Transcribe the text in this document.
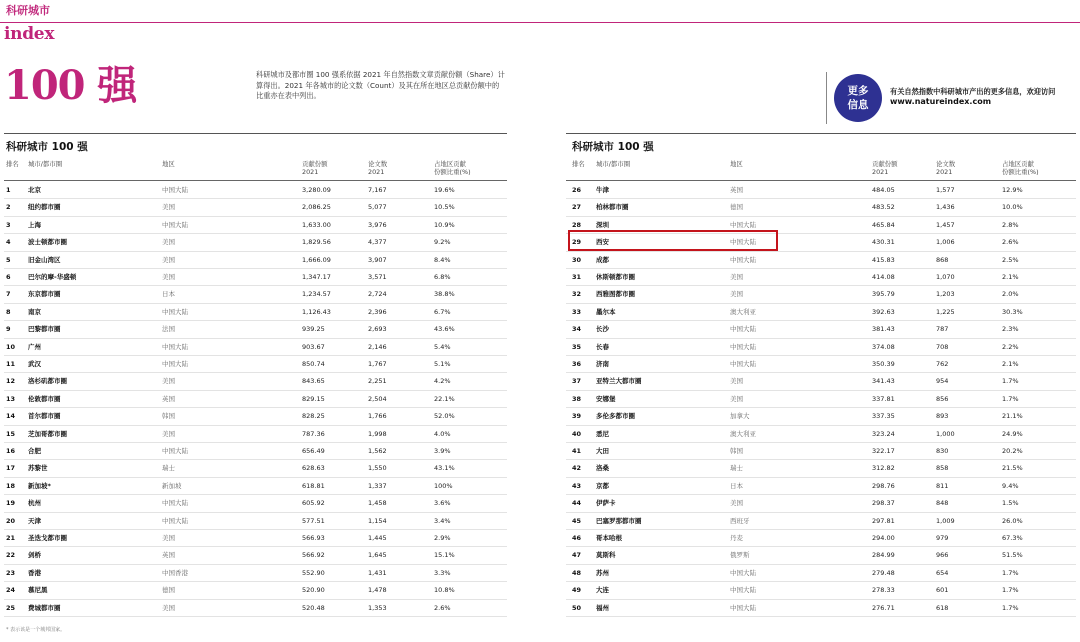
科研城市
index
100 强	科研城市及都市圈 100 强系依据 2021 年自然指数文章贡献份额（Share）计算得出。2021 年各城市的论文数（Count）及其在所在地区总贡献份额中的比重亦在表中列出。	更多
信息
有关自然指数中科研城市产出的更多信息，欢迎访问
www.natureindex.com
科研城市 100 强
排名 城市/都市圈	地区	贡献份额
2021
论文数
2021
占地区贡献
份额比重(%)
1	北京	中国大陆	3,280.09	7,167	19.6%
2	纽约都市圈	美国	2,086.25	5,077	10.5%
3	上海	中国大陆	1,633.00	3,976	10.9%
4	波士顿都市圈	美国	1,829.56	4,377	9.2%
5	旧金山湾区	美国	1,666.09	3,907	8.4%
6	巴尔的摩-华盛顿	美国	1,347.17	3,571	6.8%
7	东京都市圈	日本	1,234.57	2,724	38.8%
8	南京	中国大陆	1,126.43	2,396	6.7%
9	巴黎都市圈	法国	939.25	2,693	43.6%
10 广州	中国大陆	903.67	2,146	5.4%
11 武汉	中国大陆	850.74	1,767	5.1%
12 洛杉矶都市圈	美国	843.65	2,251	4.2%
13 伦敦都市圈	英国	829.15	2,504	22.1%
14 首尔都市圈	韩国	828.25	1,766	52.0%
15 芝加哥都市圈	美国	787.36	1,998	4.0%
16 合肥	中国大陆	656.49	1,562	3.9%
17 苏黎世	瑞士	628.63	1,550	43.1%
18 新加坡*	新加坡	618.81	1,337	100%
19 杭州	中国大陆	605.92	1,458	3.6%
20 天津	中国大陆	577.51	1,154	3.4%
21 圣迭戈都市圈	美国	566.93	1,445	2.9%
22 剑桥	英国	566.92	1,645	15.1%
23 香港	中国香港	552.90	1,431	3.3%
24 慕尼黑	德国	520.90	1,478	10.8%
25 费城都市圈	美国	520.48	1,353	2.6%
科研城市 100 强
排名 城市/都市圈	地区	贡献份额
2021
论文数
2021
占地区贡献
份额比重(%)
26 牛津	英国	484.05	1,577	12.9%
27 柏林都市圈	德国	483.52	1,436	10.0%
28 深圳	中国大陆	465.84	1,457	2.8%
29 西安	中国大陆	430.31	1,006	2.6%
30 成都	中国大陆	415.83	868	2.5%
31 休斯顿都市圈	美国	414.08	1,070	2.1%
32 西雅图都市圈	美国	395.79	1,203	2.0%
33 墨尔本	澳大利亚	392.63	1,225	30.3%
34 长沙	中国大陆	381.43	787	2.3%
35 长春	中国大陆	374.08	708	2.2%
36 济南	中国大陆	350.39	762	2.1%
37 亚特兰大都市圈	美国	341.43	954	1.7%
38 安娜堡	美国	337.81	856	1.7%
39 多伦多都市圈	加拿大	337.35	893	21.1%
40 悉尼	澳大利亚	323.24	1,000	24.9%
41 大田	韩国	322.17	830	20.2%
42 洛桑	瑞士	312.82	858	21.5%
43 京都	日本	298.76	811	9.4%
44 伊萨卡	美国	298.37	848	1.5%
45 巴塞罗那都市圈	西班牙	297.81	1,009	26.0%
46 哥本哈根	丹麦	294.00	979	67.3%
47 莫斯科	俄罗斯	284.99	966	51.5%
48 苏州	中国大陆	279.48	654	1.7%
49 大连	中国大陆	278.33	601	1.7%
50 福州	中国大陆	276.71	618	1.7%
* 表示该是一个城邦国家。
